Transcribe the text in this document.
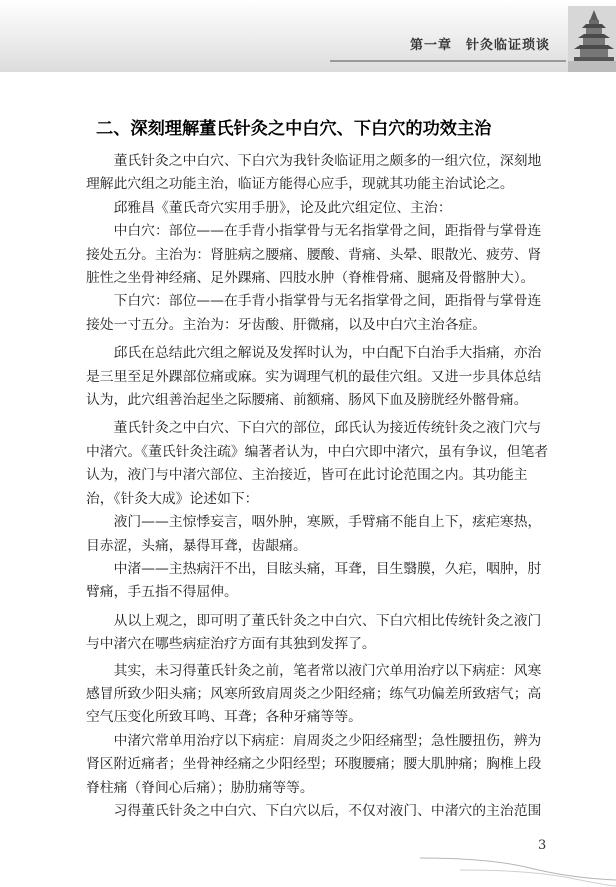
第一章　针灸临证琐谈
二、深刻理解董氏针灸之中白穴、下白穴的功效主治

董氏针灸之中白穴、下白穴为我针灸临证用之颇多的一组穴位，深刻地理解此穴组之功能主治，临证方能得心应手，现就其功能主治试论之。

邱雅昌《董氏奇穴实用手册》，论及此穴组定位、主治：

中白穴：部位——在手背小指掌骨与无名指掌骨之间，距指骨与掌骨连接处五分。主治为：肾脏病之腰痛、腰酸、背痛、头晕、眼散光、疲劳、肾脏性之坐骨神经痛、足外踝痛、四肢水肿（脊椎骨痛、腿痛及骨髂肿大）。

下白穴：部位——在手背小指掌骨与无名指掌骨之间，距指骨与掌骨连接处一寸五分。主治为：牙齿酸、肝微痛，以及中白穴主治各症。

邱氏在总结此穴组之解说及发挥时认为，中白配下白治手大指痛，亦治是三里至足外踝部位痛或麻。实为调理气机的最佳穴组。又进一步具体总结认为，此穴组善治起坐之际腰痛、前额痛、肠风下血及膀胱经外髂骨痛。

董氏针灸之中白穴、下白穴的部位，邱氏认为接近传统针灸之液门穴与中渚穴。《董氏针灸注疏》编著者认为，中白穴即中渚穴，虽有争议，但笔者认为，液门与中渚穴部位、主治接近，皆可在此讨论范围之内。其功能主治，《针灸大成》论述如下：

液门——主惊悸妄言，咽外肿，寒厥，手臂痛不能自上下，痃疟寒热，目赤涩，头痛，暴得耳聋，齿龈痛。

中渚——主热病汗不出，目眩头痛，耳聋，目生翳膜，久疟，咽肿，肘臂痛，手五指不得屈伸。

从以上观之，即可明了董氏针灸之中白穴、下白穴相比传统针灸之液门与中渚穴在哪些病症治疗方面有其独到发挥了。

其实，未习得董氏针灸之前，笔者常以液门穴单用治疗以下病症：风寒感冒所致少阳头痛；风寒所致肩周炎之少阳经痛；练气功偏差所致痞气；高空气压变化所致耳鸣、耳聋；各种牙痛等等。

中渚穴常单用治疗以下病症：肩周炎之少阳经痛型；急性腰扭伤，辨为肾区附近痛者；坐骨神经痛之少阳经型；环腹腰痛；腰大肌肿痛；胸椎上段脊柱痛（脊间心后痛）；胁肋痛等等。

习得董氏针灸之中白穴、下白穴以后，不仅对液门、中渚穴的主治范围

3
